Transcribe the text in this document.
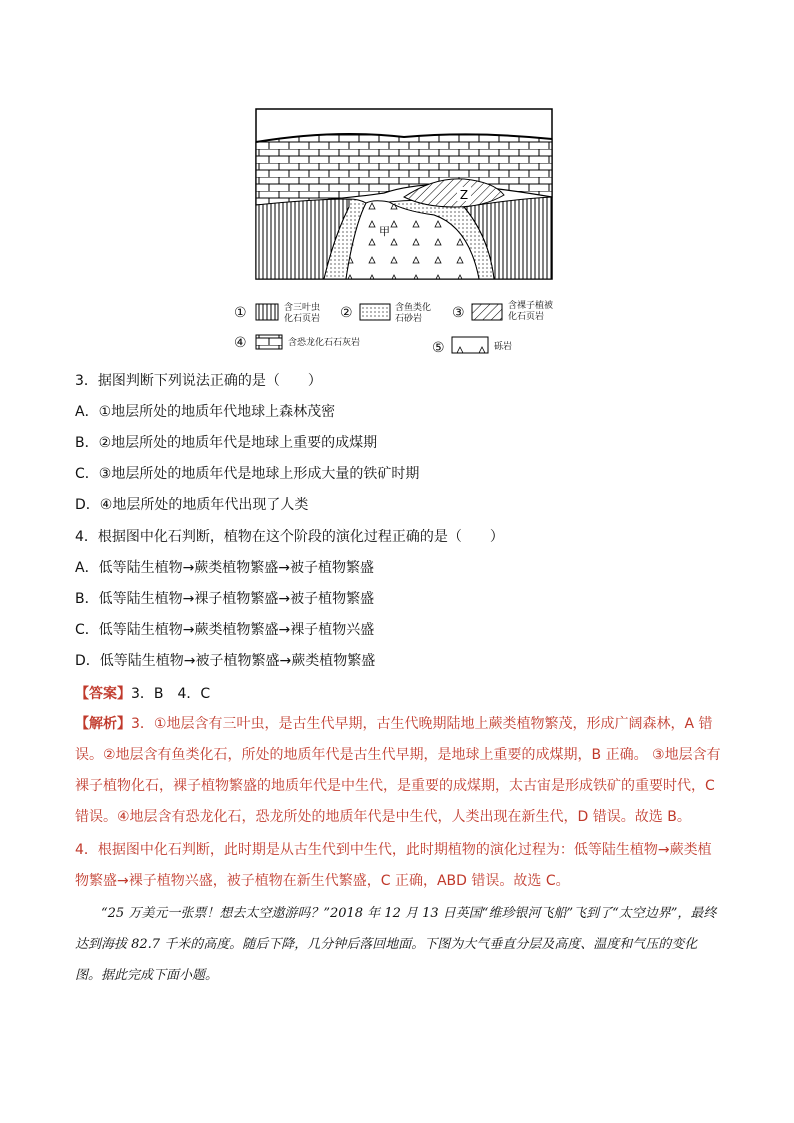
Z
甲
①	含三叶虫
化石页岩 ②	含鱼类化
石砂岩 ③	含裸子植被
化石页岩
④	含恐龙化石石灰岩	⑤	砾岩
3．据图判断下列说法正确的是（　　）
A．①地层所处的地质年代地球上森林茂密
B．②地层所处的地质年代是地球上重要的成煤期
C．③地层所处的地质年代是地球上形成大量的铁矿时期
D．④地层所处的地质年代出现了人类
4．根据图中化石判断，植物在这个阶段的演化过程正确的是（　　）
A．低等陆生植物→蕨类植物繁盛→被子植物繁盛
B．低等陆生植物→裸子植物繁盛→被子植物繁盛
C．低等陆生植物→蕨类植物繁盛→裸子植物兴盛
D．低等陆生植物→被子植物繁盛→蕨类植物繁盛
【答案】3．B　4．C
【解析】3．①地层含有三叶虫，是古生代早期，古生代晚期陆地上蕨类植物繁茂，形成广阔森林，A 错误。②地层含有鱼类化石，所处的地质年代是古生代早期，是地球上重要的成煤期，B 正确。 ③地层含有裸子植物化石，裸子植物繁盛的地质年代是中生代，是重要的成煤期，太古宙是形成铁矿的重要时代，C 错误。④地层含有恐龙化石，恐龙所处的地质年代是中生代，人类出现在新生代，D 错误。故选 B。
4．根据图中化石判断，此时期是从古生代到中生代，此时期植物的演化过程为：低等陆生植物→蕨类植物繁盛→裸子植物兴盛，被子植物在新生代繁盛，C 正确，ABD 错误。故选 C。
“25 万美元一张票！想去太空遨游吗？”2018 年 12 月 13 日英国“维珍银河飞船”飞到了“太空边界”，最终达到海拔 82.7 千米的高度。随后下降，几分钟后落回地面。下图为大气垂直分层及高度、温度和气压的变化图。据此完成下面小题。
